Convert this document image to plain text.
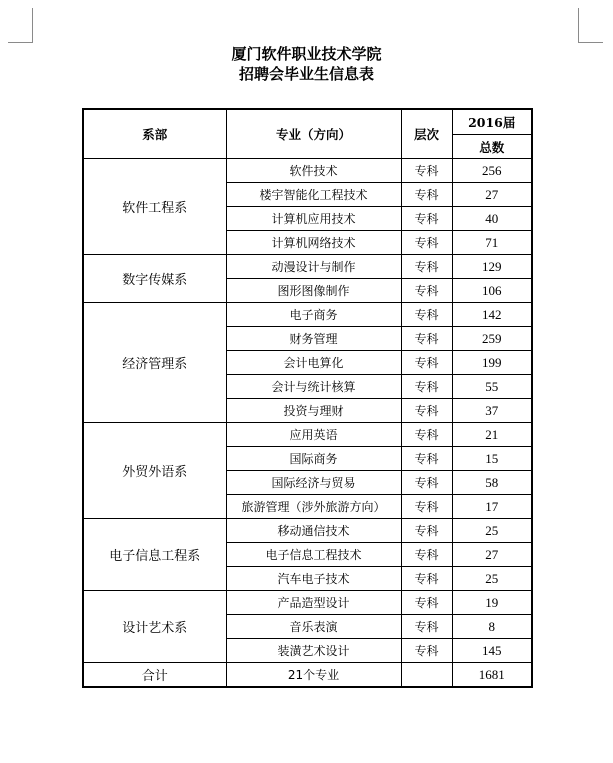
厦门软件职业技术学院
招聘会毕业生信息表
系部	专业（方向）	层次	2016届
			总数
软件工程系	软件技术	专科	256
	楼宇智能化工程技术	专科	27
	计算机应用技术	专科	40
	计算机网络技术	专科	71
数字传媒系	动漫设计与制作	专科	129
	图形图像制作	专科	106
经济管理系	电子商务	专科	142
	财务管理	专科	259
	会计电算化	专科	199
	会计与统计核算	专科	55
	投资与理财	专科	37
外贸外语系	应用英语	专科	21
	国际商务	专科	15
	国际经济与贸易	专科	58
	旅游管理（涉外旅游方向）	专科	17
电子信息工程系	移动通信技术	专科	25
	电子信息工程技术	专科	27
	汽车电子技术	专科	25
设计艺术系	产品造型设计	专科	19
	音乐表演	专科	8
	装潢艺术设计	专科	145
合计	21个专业		1681
